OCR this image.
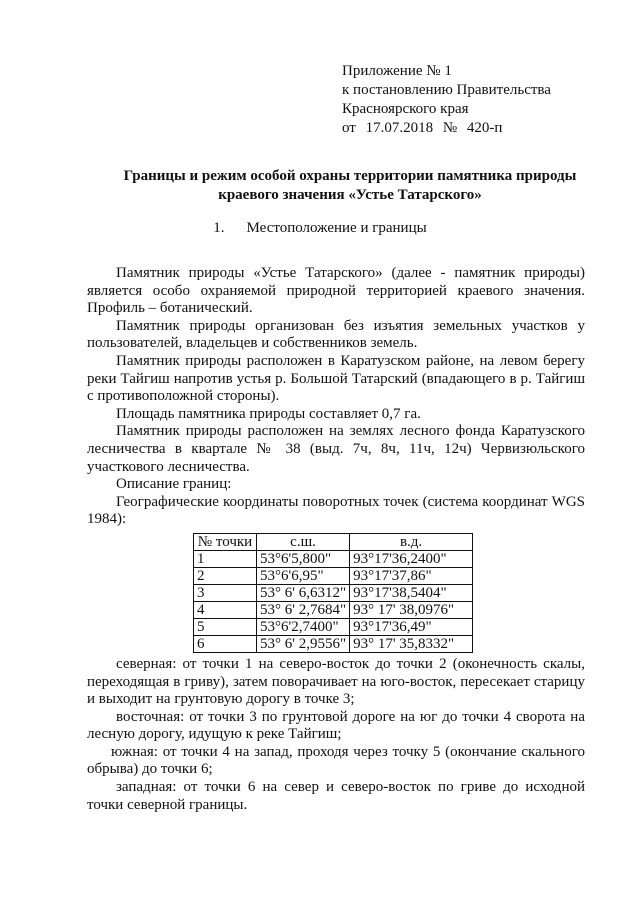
Приложение № 1
к постановлению Правительства
Красноярского края
от 17.07.2018 № 420-п
Границы и режим особой охраны территории памятника природы
краевого значения «Устье Татарского»
1. Местоположение и границы

Памятник природы «Устье Татарского» (далее - памятник природы) является особо охраняемой природной территорией краевого значения. Профиль – ботанический.

Памятник природы организован без изъятия земельных участков у пользователей, владельцев и собственников земель.

Памятник природы расположен в Каратузском районе, на левом берегу реки Тайгиш напротив устья р. Большой Татарский (впадающего в р. Тайгиш с противоположной стороны).

Площадь памятника природы составляет 0,7 га.

Памятник природы расположен на землях лесного фонда Каратузского лесничества в квартале № 38 (выд. 7ч, 8ч, 11ч, 12ч) Червизюльского участкового лесничества.

Описание границ:

Географические координаты поворотных точек (система координат WGS 1984):

№ точки	с.ш.	в.д.
1	53°6'5,800"	93°17'36,2400"
2	53°6'6,95"	93°17'37,86"
3	53° 6' 6,6312"	93°17'38,5404"
4	53° 6' 2,7684"	93° 17' 38,0976"
5	53°6'2,7400"	93°17'36,49"
6	53° 6' 2,9556"	93° 17' 35,8332"

северная: от точки 1 на северо-восток до точки 2 (оконечность скалы, переходящая в гриву), затем поворачивает на юго-восток, пересекает старицу и выходит на грунтовую дорогу в точке 3;

восточная: от точки 3 по грунтовой дороге на юг до точки 4 сворота на лесную дорогу, идущую к реке Тайгиш;

южная: от точки 4 на запад, проходя через точку 5 (окончание скального обрыва) до точки 6;

западная: от точки 6 на север и северо-восток по гриве до исходной точки северной границы.
